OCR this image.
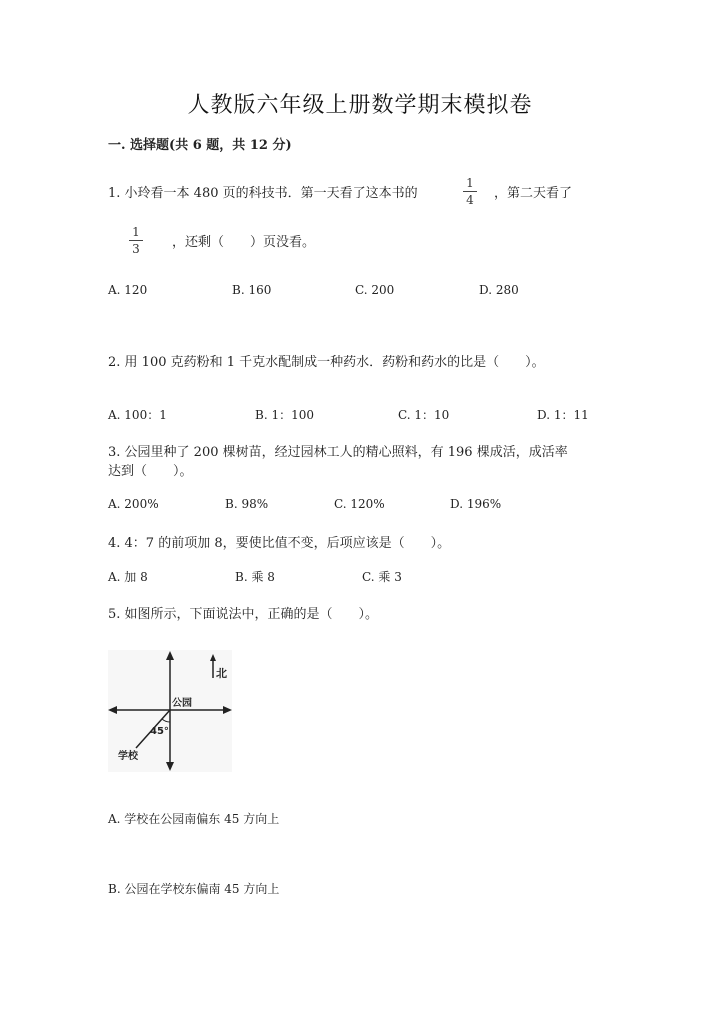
人教版六年级上册数学期末模拟卷
一. 选择题(共 6 题，共 12 分)
1. 小玲看一本 480 页的科技书．第一天看了这本书的	$\frac{1}{4}$ ，第二天看了
$\frac{1}{3}$ ，还剩（　　）页没看。
A. 120	B. 160	C. 200	D. 280
2. 用 100 克药粉和 1 千克水配制成一种药水．药粉和药水的比是（　　）。
A. 100：1	B. 1：100	C. 1：10	D. 1：11
3. 公园里种了 200 棵树苗，经过园林工人的精心照料，有 196 棵成活，成活率
达到（　　）。
A. 200%	B. 98%	C. 120%	D. 196%
4. 4：7 的前项加 8，要使比值不变，后项应该是（　　）。
A. 加 8	B. 乘 8	C. 乘 3
5. 如图所示，下面说法中，正确的是（　　）。
北
公园
45°
学校
A. 学校在公园南偏东 45 方向上
B. 公园在学校东偏南 45 方向上
